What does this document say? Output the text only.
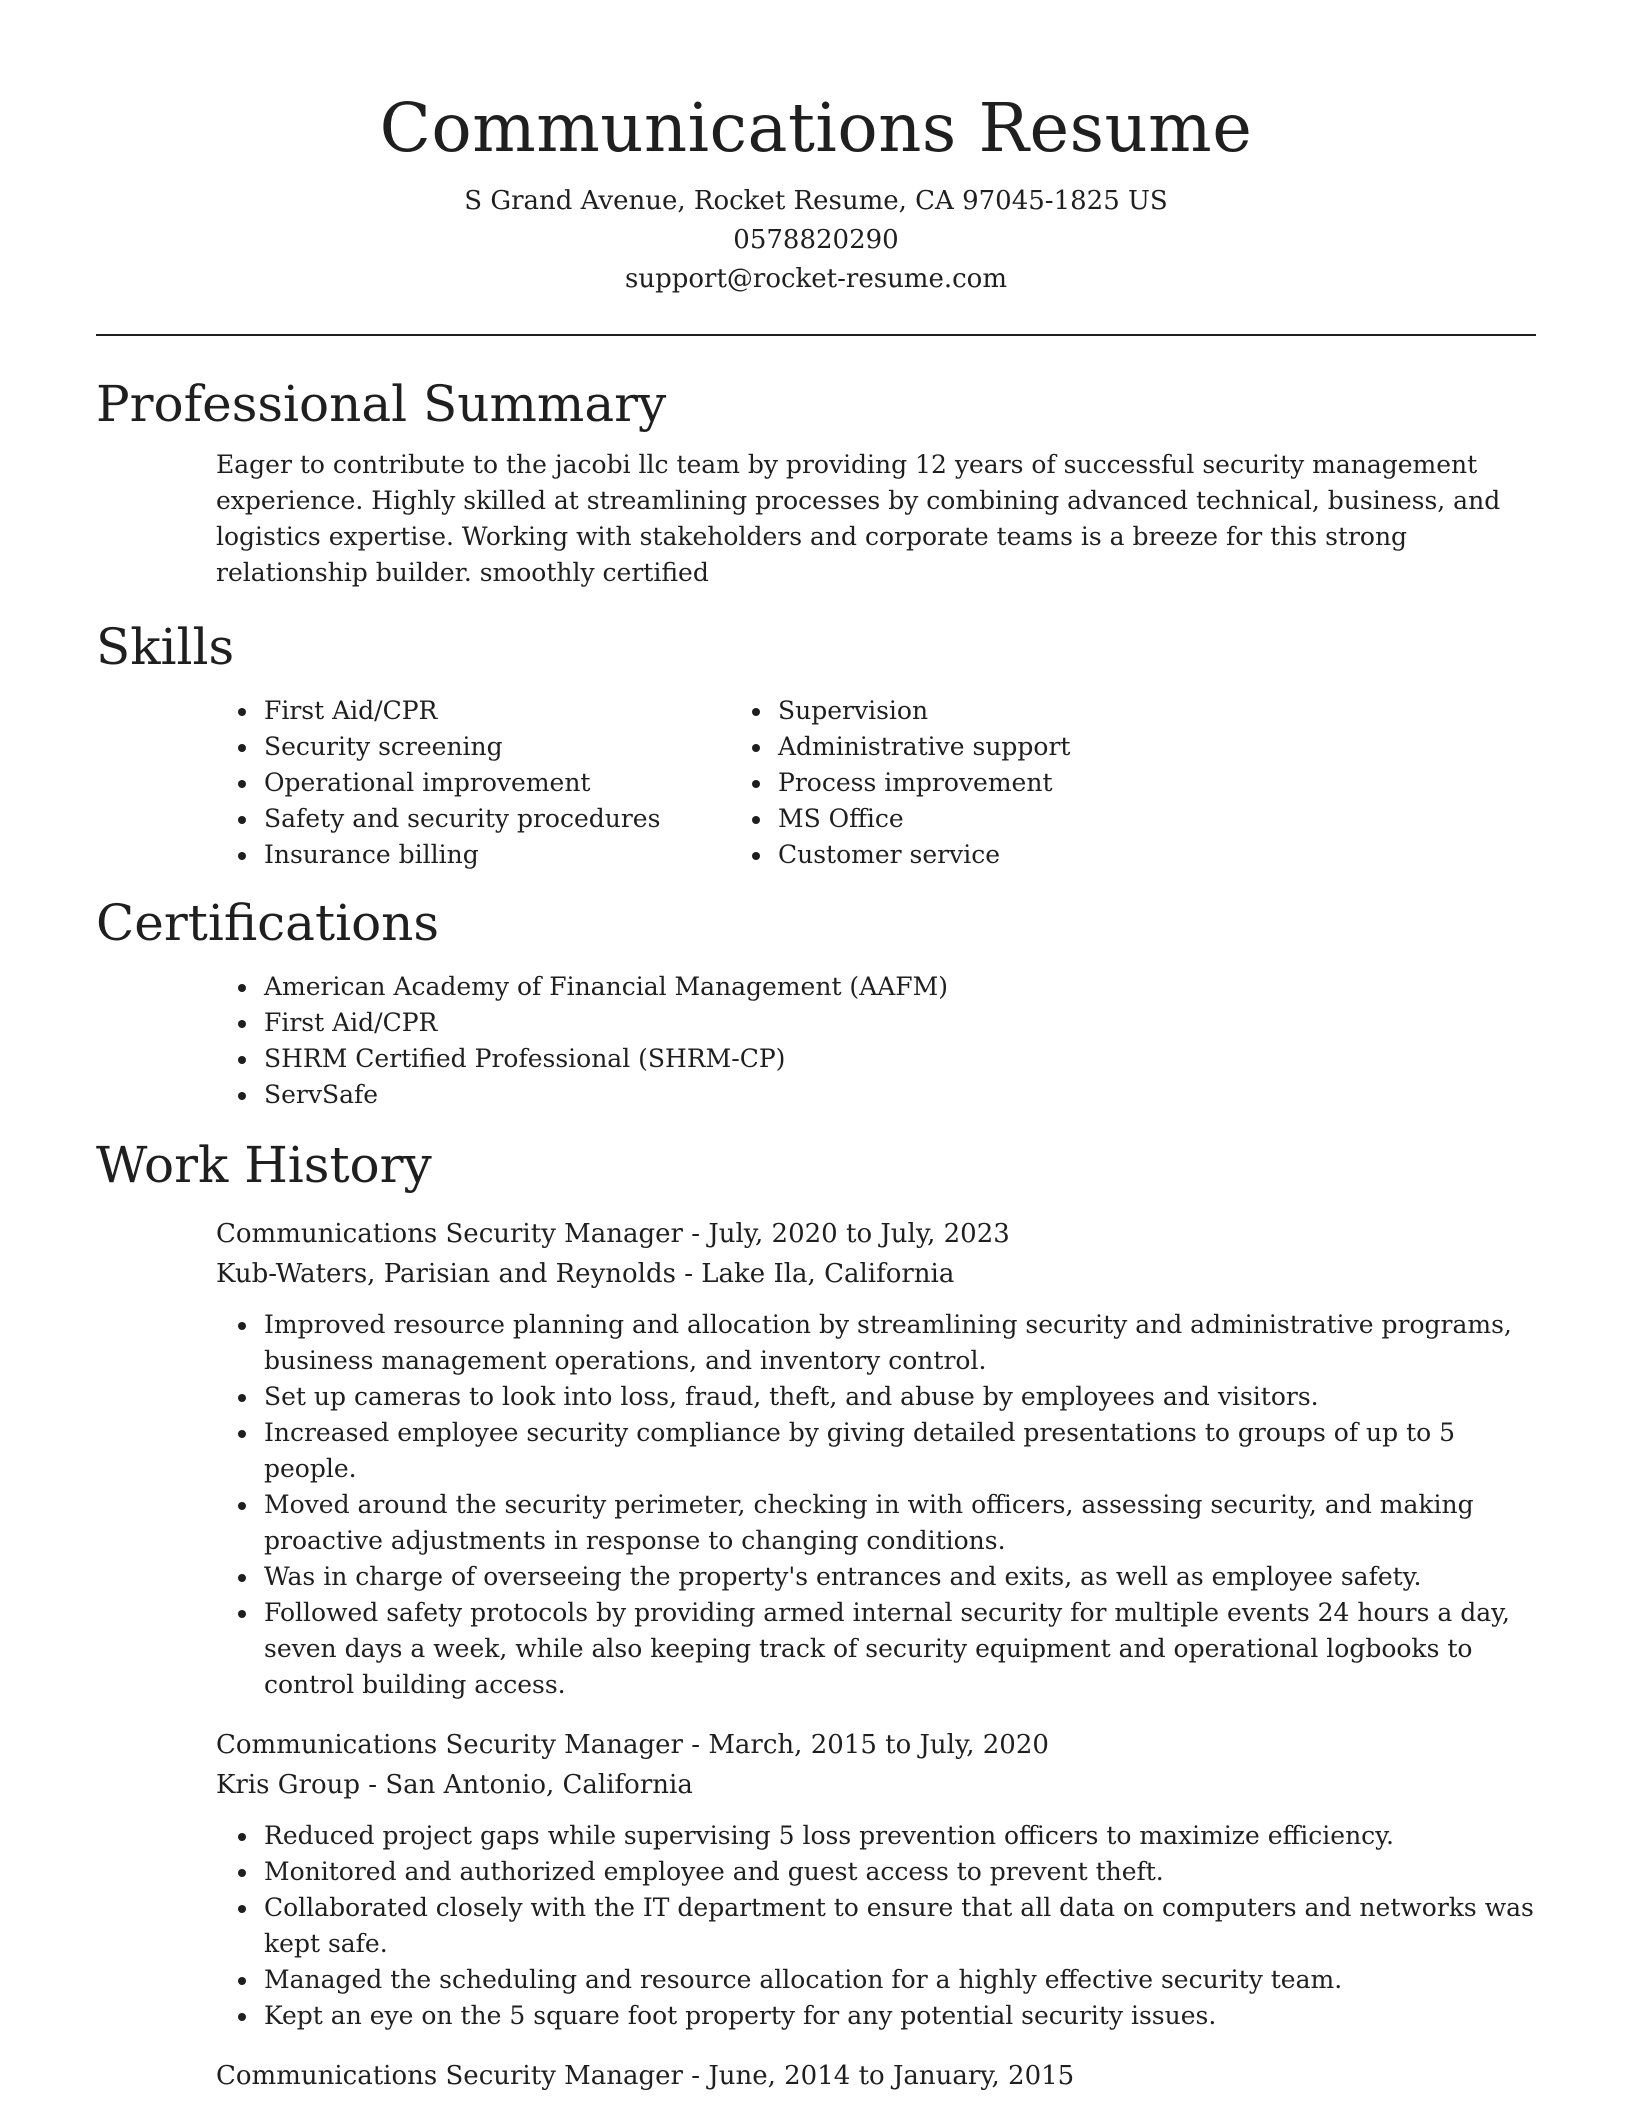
Communications Resume

S Grand Avenue, Rocket Resume, CA 97045-1825 US

0578820290

support@rocket-resume.com

Professional Summary

Eager to contribute to the jacobi llc team by providing 12 years of successful security management experience. Highly skilled at streamlining processes by combining advanced technical, business, and logistics expertise. Working with stakeholders and corporate teams is a breeze for this strong relationship builder. smoothly certified

Skills
• First Aid/CPR
• Security screening
• Operational improvement
• Safety and security procedures
• Insurance billing
• Supervision
• Administrative support
• Process improvement
• MS Office
• Customer service
Certifications
• American Academy of Financial Management (AAFM)
• First Aid/CPR
• SHRM Certified Professional (SHRM-CP)
• ServSafe
Work History

Communications Security Manager - July, 2020 to July, 2023

Kub-Waters, Parisian and Reynolds - Lake Ila, California

• Improved resource planning and allocation by streamlining security and administrative programs, business management operations, and inventory control.
• Set up cameras to look into loss, fraud, theft, and abuse by employees and visitors.
• Increased employee security compliance by giving detailed presentations to groups of up to 5 people.
• Moved around the security perimeter, checking in with officers, assessing security, and making proactive adjustments in response to changing conditions.
• Was in charge of overseeing the property's entrances and exits, as well as employee safety.
• Followed safety protocols by providing armed internal security for multiple events 24 hours a day, seven days a week, while also keeping track of security equipment and operational logbooks to control building access.

Communications Security Manager - March, 2015 to July, 2020

Kris Group - San Antonio, California

• Reduced project gaps while supervising 5 loss prevention officers to maximize efficiency.
• Monitored and authorized employee and guest access to prevent theft.
• Collaborated closely with the IT department to ensure that all data on computers and networks was kept safe.
• Managed the scheduling and resource allocation for a highly effective security team.
• Kept an eye on the 5 square foot property for any potential security issues.

Communications Security Manager - June, 2014 to January, 2015
